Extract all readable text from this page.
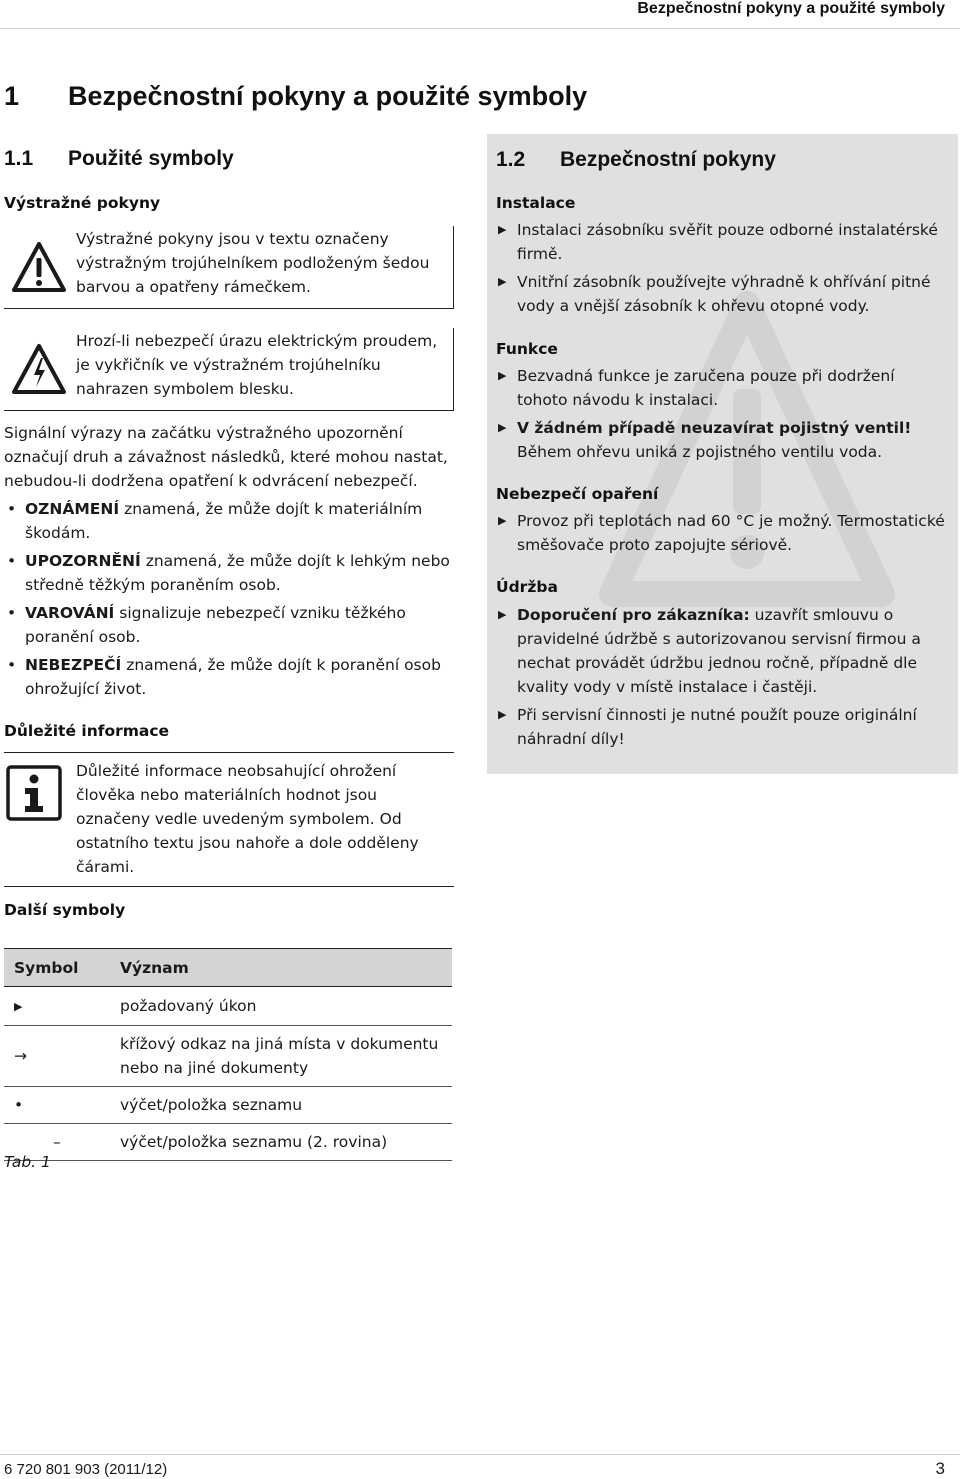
Bezpečnostní pokyny a použité symboly
1 Bezpečnostní pokyny a použité symboly
1.1 Použité symboly
Výstražné pokyny
Výstražné pokyny jsou v textu označeny výstražným trojúhelníkem podloženým šedou barvou a opatřeny rámečkem.
Hrozí-li nebezpečí úrazu elektrickým proudem, je vykřičník ve výstražném trojúhelníku nahrazen symbolem blesku.
Signální výrazy na začátku výstražného upozornění označují druh a závažnost následků, které mohou nastat, nebudou-li dodržena opatření k odvrácení nebezpečí.
• OZNÁMENÍ znamená, že může dojít k materiálním škodám.
• UPOZORNĚNÍ znamená, že může dojít k lehkým nebo středně těžkým poraněním osob.
• VAROVÁNÍ signalizuje nebezpečí vzniku těžkého poranění osob.
• NEBEZPEČÍ znamená, že může dojít k poranění osob ohrožující život.
Důležité informace
Důležité informace neobsahující ohrožení člověka nebo materiálních hodnot jsou označeny vedle uvedeným symbolem. Od ostatního textu jsou nahoře a dole odděleny čárami.
Další symboly
Symbol	Význam
▶	požadovaný úkon
→	křížový odkaz na jiná místa v dokumentu nebo na jiné dokumenty
•	výčet/položka seznamu
–	výčet/položka seznamu (2. rovina)
Tab. 1
1.2 Bezpečnostní pokyny
Instalace
▶ Instalaci zásobníku svěřit pouze odborné instalatérské firmě.
▶ Vnitřní zásobník používejte výhradně k ohřívání pitné vody a vnější zásobník k ohřevu otopné vody.
Funkce
▶ Bezvadná funkce je zaručena pouze při dodržení tohoto návodu k instalaci.
▶ V žádném případě neuzavírat pojistný ventil! Během ohřevu uniká z pojistného ventilu voda.
Nebezpečí opaření
▶ Provoz při teplotách nad 60 °C je možný. Termostatické směšovače proto zapojujte sériově.
Údržba
▶ Doporučení pro zákazníka: uzavřít smlouvu o pravidelné údržbě s autorizovanou servisní firmou a nechat provádět údržbu jednou ročně, případně dle kvality vody v místě instalace i častěji.
▶ Při servisní činnosti je nutné použít pouze originální náhradní díly!
6 720 801 903 (2011/12)	3
